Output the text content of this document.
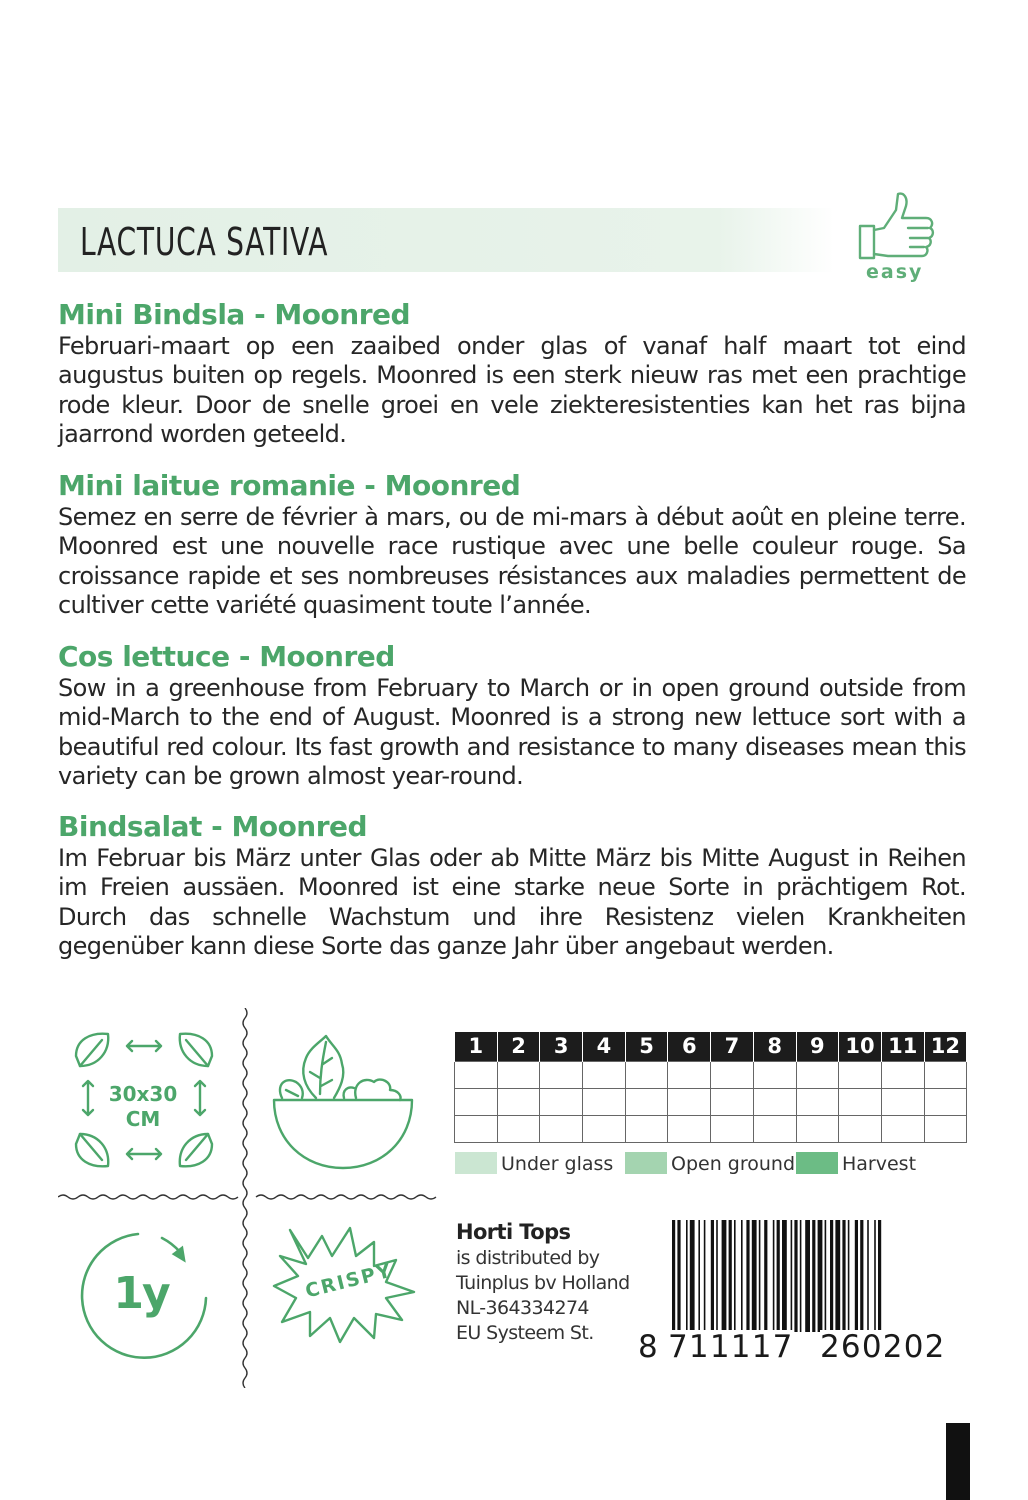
LACTUCA SATIVA
easy
Mini Bindsla - Moonred

Februari-maart op een zaaibed onder glas of vanaf half maart tot eind augustus buiten op regels. Moonred is een sterk nieuw ras met een prachtige rode kleur. Door de snelle groei en vele ziekteresistenties kan het ras bijna jaarrond worden geteeld.

Mini laitue romanie - Moonred

Semez en serre de février à mars, ou de mi-mars à début août en pleine terre. Moonred est une nouvelle race rustique avec une belle couleur rouge. Sa croissance rapide et ses nombreuses résistances aux maladies permettent de cultiver cette variété quasiment toute l’année.

Cos lettuce - Moonred

Sow in a greenhouse from February to March or in open ground outside from mid-March to the end of August. Moonred is a strong new lettuce sort with a beautiful red colour. Its fast growth and resistance to many diseases mean this variety can be grown almost year-round.

Bindsalat - Moonred

Im Februar bis März unter Glas oder ab Mitte März bis Mitte August in Reihen im Freien aussäen. Moonred ist eine starke neue Sorte in prächtigem Rot. Durch das schnelle Wachstum und ihre Resistenz vielen Krankheiten gegenüber kann diese Sorte das ganze Jahr über angebaut werden.

30x30
CM
1y	CRISPY
1	2	3	4	5	6	7	8	9	10	11	12

Under glass	Open ground Harvest
Horti Tops
is distributed by
Tuinplus bv Holland
NL-364334274
EU Systeem St.	8 711117 260202
